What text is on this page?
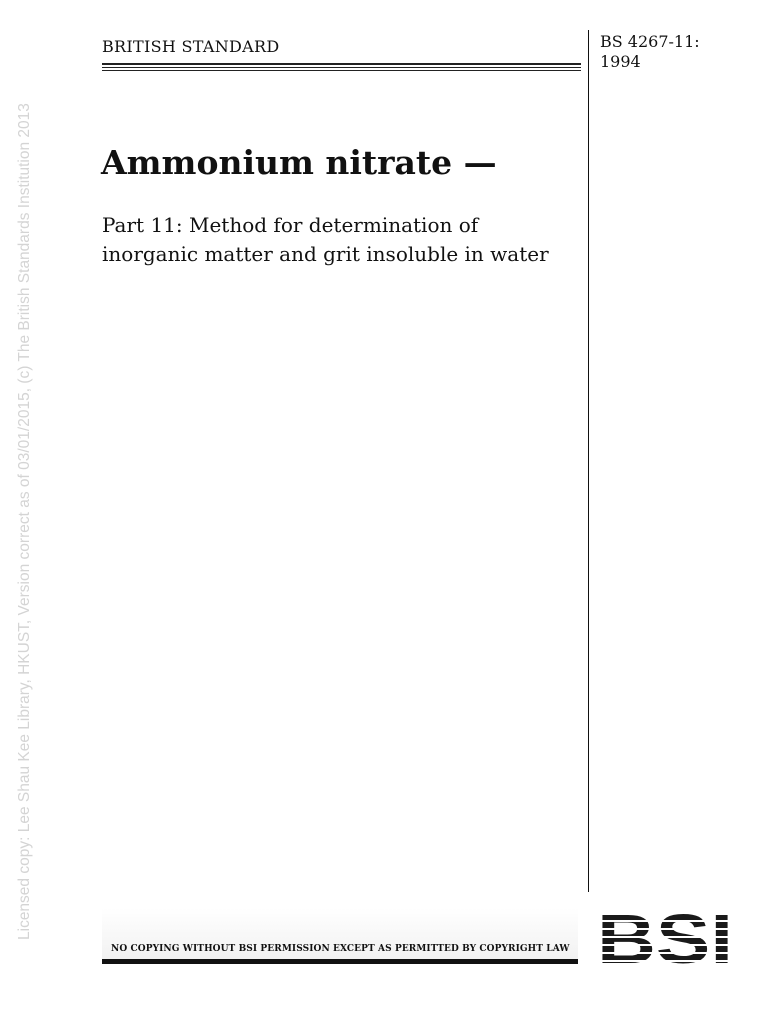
Licensed copy: Lee Shau Kee Library, HKUST, Version correct as of 03/01/2015, (c) The British Standards Institution 2013
BRITISH STANDARD	BS 4267-11:
1994
Ammonium nitrate —
Part 11: Method for determination of inorganic matter and grit insoluble in water
NO COPYING WITHOUT BSI PERMISSION EXCEPT AS PERMITTED BY COPYRIGHT LAW
